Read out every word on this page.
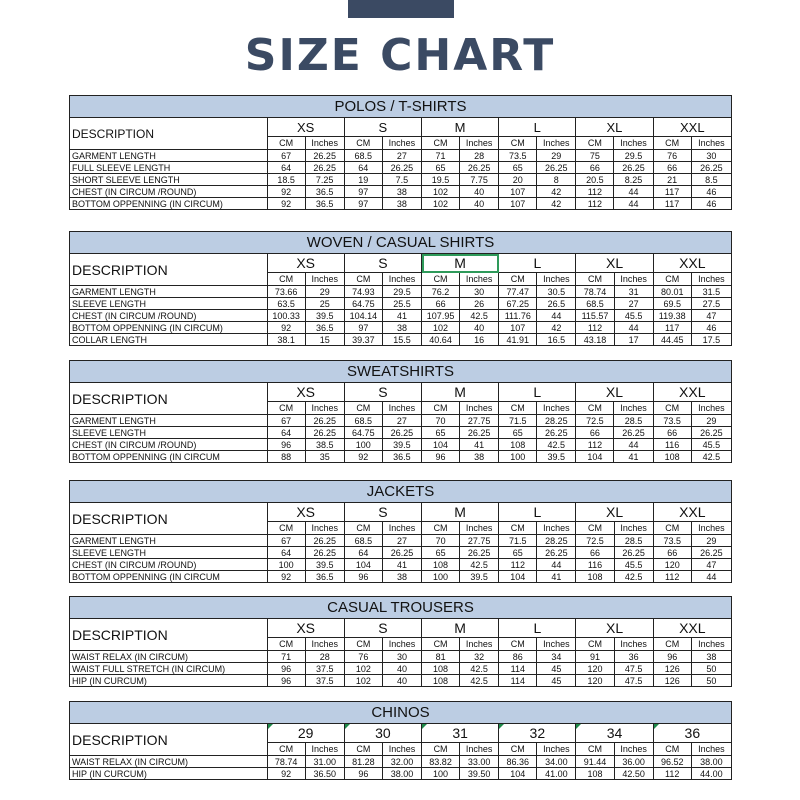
SIZE CHART
POLOS / T-SHIRTS												
DESCRIPTION	XS		S		M		L		XL		XXL	
	CM	Inches	CM	Inches	CM	Inches	CM	Inches	CM	Inches	CM	Inches
GARMENT LENGTH	67	26.25	68.5	27	71	28	73.5	29	75	29.5	76	30
FULL SLEEVE LENGTH	64	26.25	64	26.25	65	26.25	65	26.25	66	26.25	66	26.25
SHORT SLEEVE LENGTH	18.5	7.25	19	7.5	19.5	7.75	20	8	20.5	8.25	21	8.5
CHEST (IN CIRCUM /ROUND)	92	36.5	97	38	102	40	107	42	112	44	117	46
BOTTOM OPPENNING (IN CIRCUM)	92	36.5	97	38	102	40	107	42	112	44	117	46
WOVEN / CASUAL SHIRTS												
DESCRIPTION	XS		S		M		L		XL		XXL	
	CM	Inches	CM	Inches	CM	Inches	CM	Inches	CM	Inches	CM	Inches
GARMENT LENGTH	73.66	29	74.93	29.5	76.2	30	77.47	30.5	78.74	31	80.01	31.5
SLEEVE LENGTH	63.5	25	64.75	25.5	66	26	67.25	26.5	68.5	27	69.5	27.5
CHEST (IN CIRCUM /ROUND)	100.33	39.5	104.14	41	107.95	42.5	111.76	44	115.57	45.5	119.38	47
BOTTOM OPPENNING (IN CIRCUM)	92	36.5	97	38	102	40	107	42	112	44	117	46
COLLAR LENGTH	38.1	15	39.37	15.5	40.64	16	41.91	16.5	43.18	17	44.45	17.5
SWEATSHIRTS												
DESCRIPTION	XS		S		M		L		XL		XXL	
	CM	Inches	CM	Inches	CM	Inches	CM	Inches	CM	Inches	CM	Inches
GARMENT LENGTH	67	26.25	68.5	27	70	27.75	71.5	28.25	72.5	28.5	73.5	29
SLEEVE LENGTH	64	26.25	64.75	26.25	65	26.25	65	26.25	66	26.25	66	26.25
CHEST (IN CIRCUM /ROUND)	96	38.5	100	39.5	104	41	108	42.5	112	44	116	45.5
BOTTOM OPPENNING (IN CIRCUM	88	35	92	36.5	96	38	100	39.5	104	41	108	42.5
JACKETS												
DESCRIPTION	XS		S		M		L		XL		XXL	
	CM	Inches	CM	Inches	CM	Inches	CM	Inches	CM	Inches	CM	Inches
GARMENT LENGTH	67	26.25	68.5	27	70	27.75	71.5	28.25	72.5	28.5	73.5	29
SLEEVE LENGTH	64	26.25	64	26.25	65	26.25	65	26.25	66	26.25	66	26.25
CHEST (IN CIRCUM /ROUND)	100	39.5	104	41	108	42.5	112	44	116	45.5	120	47
BOTTOM OPPENNING (IN CIRCUM	92	36.5	96	38	100	39.5	104	41	108	42.5	112	44
CASUAL TROUSERS												
DESCRIPTION	XS		S		M		L		XL		XXL	
	CM	Inches	CM	Inches	CM	Inches	CM	Inches	CM	Inches	CM	Inches
WAIST RELAX (IN CIRCUM)	71	28	76	30	81	32	86	34	91	36	96	38
WAIST FULL STRETCH (IN CIRCUM)	96	37.5	102	40	108	42.5	114	45	120	47.5	126	50
HIP (IN CURCUM)	96	37.5	102	40	108	42.5	114	45	120	47.5	126	50
CHINOS												
DESCRIPTION	29		30		31		32		34		36	
	CM	Inches	CM	Inches	CM	Inches	CM	Inches	CM	Inches	CM	Inches
WAIST RELAX (IN CIRCUM)	78.74	31.00	81.28	32.00	83.82	33.00	86.36	34.00	91.44	36.00	96.52	38.00
HIP (IN CURCUM)	92	36.50	96	38.00	100	39.50	104	41.00	108	42.50	112	44.00
